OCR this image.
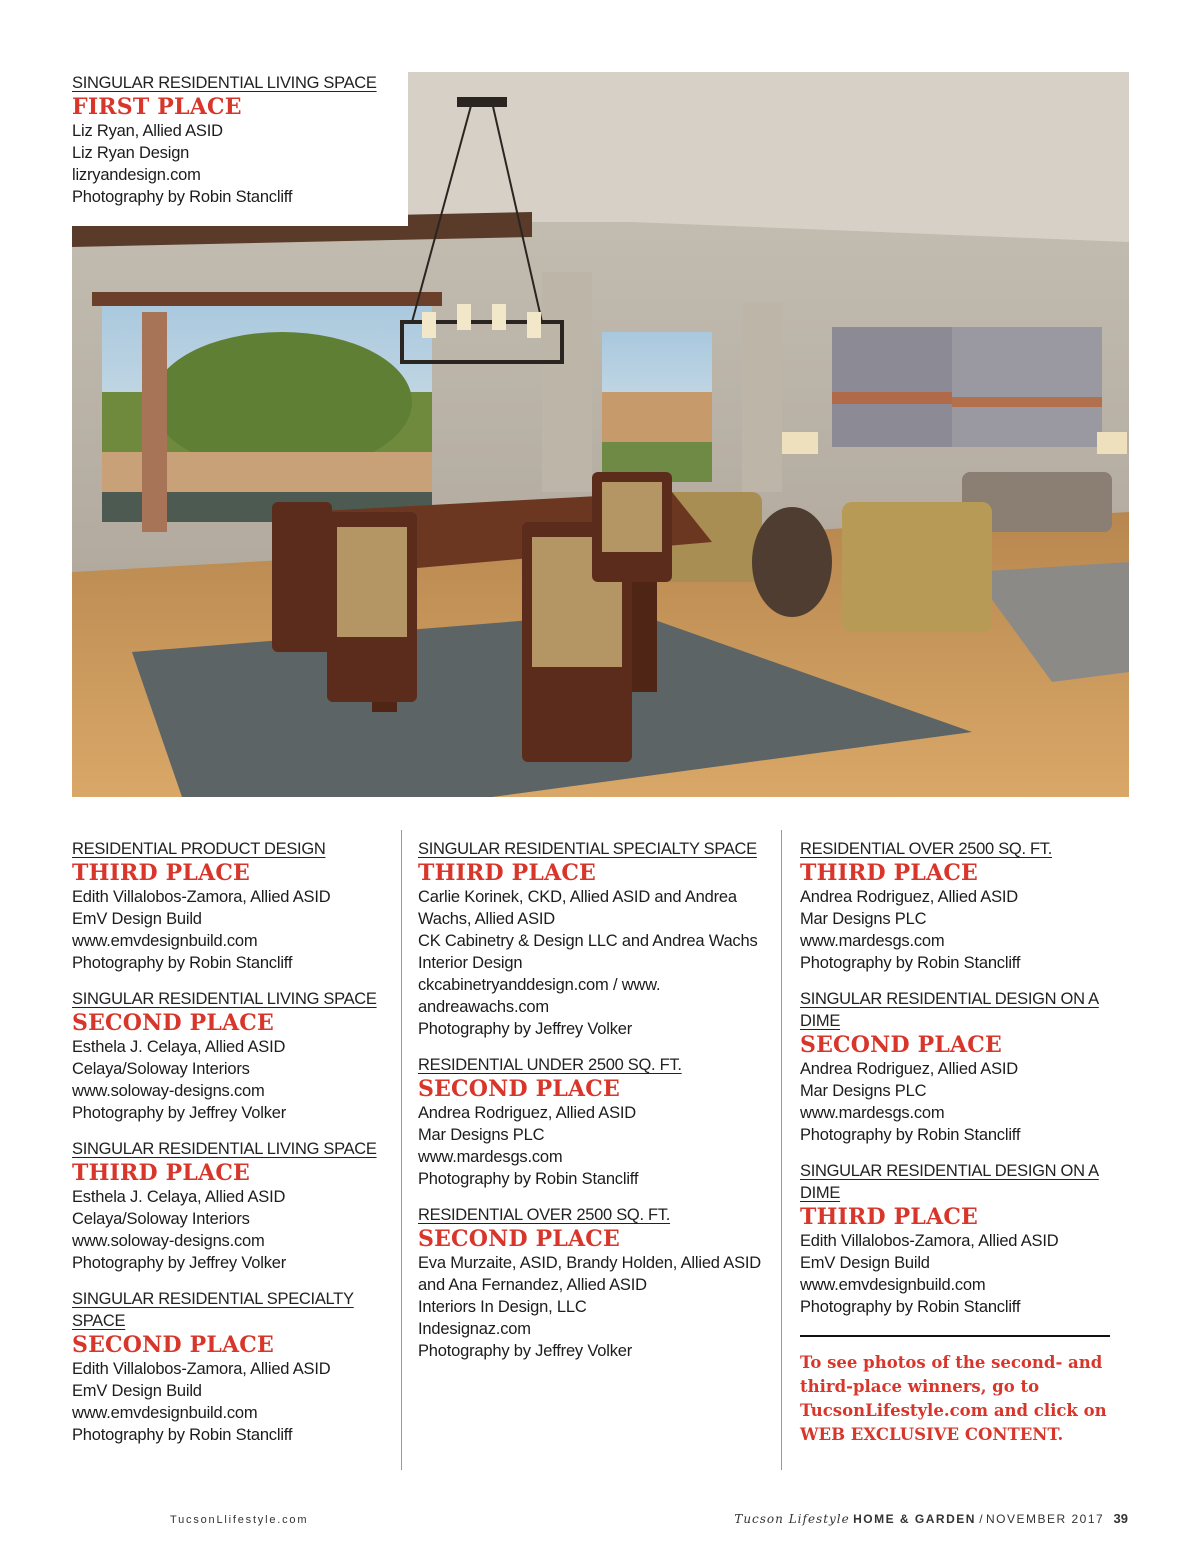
SINGULAR RESIDENTIAL LIVING SPACE
FIRST PLACE
Liz Ryan, Allied ASID
Liz Ryan Design
lizryandesign.com
Photography by Robin Stancliff
RESIDENTIAL PRODUCT DESIGN
THIRD PLACE
Edith Villalobos-Zamora, Allied ASID
EmV Design Build
www.emvdesignbuild.com
Photography by Robin Stancliff
SINGULAR RESIDENTIAL LIVING SPACE
SECOND PLACE
Esthela J. Celaya, Allied ASID
Celaya/Soloway Interiors
www.soloway-designs.com
Photography by Jeffrey Volker
SINGULAR RESIDENTIAL LIVING SPACE
THIRD PLACE
Esthela J. Celaya, Allied ASID
Celaya/Soloway Interiors
www.soloway-designs.com
Photography by Jeffrey Volker
SINGULAR RESIDENTIAL SPECIALTY SPACE
SECOND PLACE
Edith Villalobos-Zamora, Allied ASID
EmV Design Build
www.emvdesignbuild.com
Photography by Robin Stancliff
SINGULAR RESIDENTIAL SPECIALTY SPACE
THIRD PLACE
Carlie Korinek, CKD, Allied ASID and Andrea Wachs, Allied ASID
CK Cabinetry & Design LLC and Andrea Wachs Interior Design
ckcabinetryanddesign.com / www. andreawachs.com
Photography by Jeffrey Volker
RESIDENTIAL UNDER 2500 SQ. FT.
SECOND PLACE
Andrea Rodriguez, Allied ASID
Mar Designs PLC
www.mardesgs.com
Photography by Robin Stancliff
RESIDENTIAL OVER 2500 SQ. FT.
SECOND PLACE
Eva Murzaite, ASID, Brandy Holden, Allied ASID and Ana Fernandez, Allied ASID
Interiors In Design, LLC
Indesignaz.com
Photography by Jeffrey Volker
RESIDENTIAL OVER 2500 SQ. FT.
THIRD PLACE
Andrea Rodriguez, Allied ASID
Mar Designs PLC
www.mardesgs.com
Photography by Robin Stancliff
SINGULAR RESIDENTIAL DESIGN ON A DIME
SECOND PLACE
Andrea Rodriguez, Allied ASID
Mar Designs PLC
www.mardesgs.com
Photography by Robin Stancliff
SINGULAR RESIDENTIAL DESIGN ON A DIME
THIRD PLACE
Edith Villalobos-Zamora, Allied ASID
EmV Design Build
www.emvdesignbuild.com
Photography by Robin Stancliff
To see photos of the second- and third-place winners, go to TucsonLifestyle.com and click on WEB EXCLUSIVE CONTENT.
TucsonLlifestyle.com	Tucson Lifestyle HOME & GARDEN / NOVEMBER 2017 39
